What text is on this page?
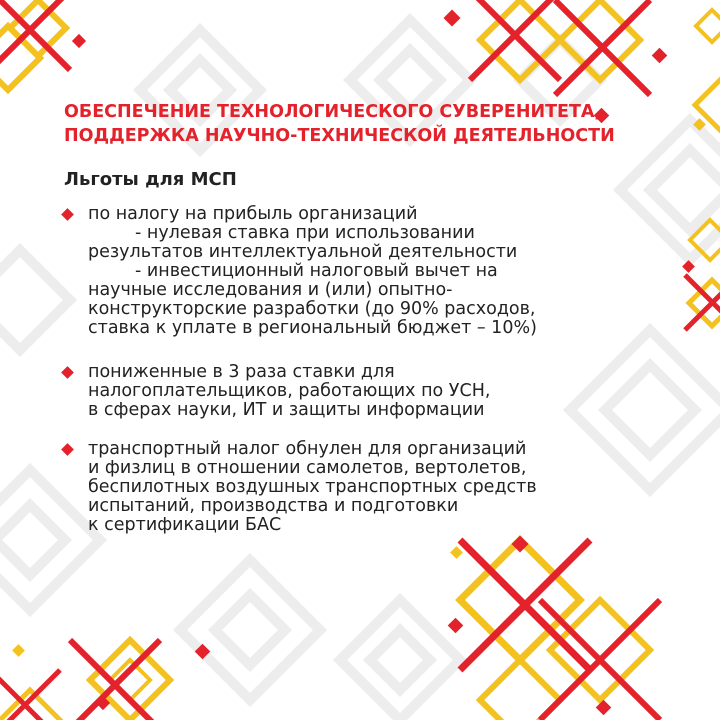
ОБЕСПЕЧЕНИЕ ТЕХНОЛОГИЧЕСКОГО СУВЕРЕНИТЕТА,
ПОДДЕРЖКА НАУЧНО-ТЕХНИЧЕСКОЙ ДЕЯТЕЛЬНОСТИ
Льготы для МСП
по налогу на прибыль организаций
- нулевая ставка при использовании
результатов интеллектуальной деятельности
- инвестиционный налоговый вычет на
научные исследования и (или) опытно-
конструкторские разработки (до 90% расходов,
ставка к уплате в региональный бюджет – 10%)
пониженные в 3 раза ставки для
налогоплательщиков, работающих по УСН,
в сферах науки, ИТ и защиты информации
транспортный налог обнулен для организаций
и физлиц в отношении самолетов, вертолетов,
беспилотных воздушных транспортных средств
испытаний, производства и подготовки
к сертификации БАС
